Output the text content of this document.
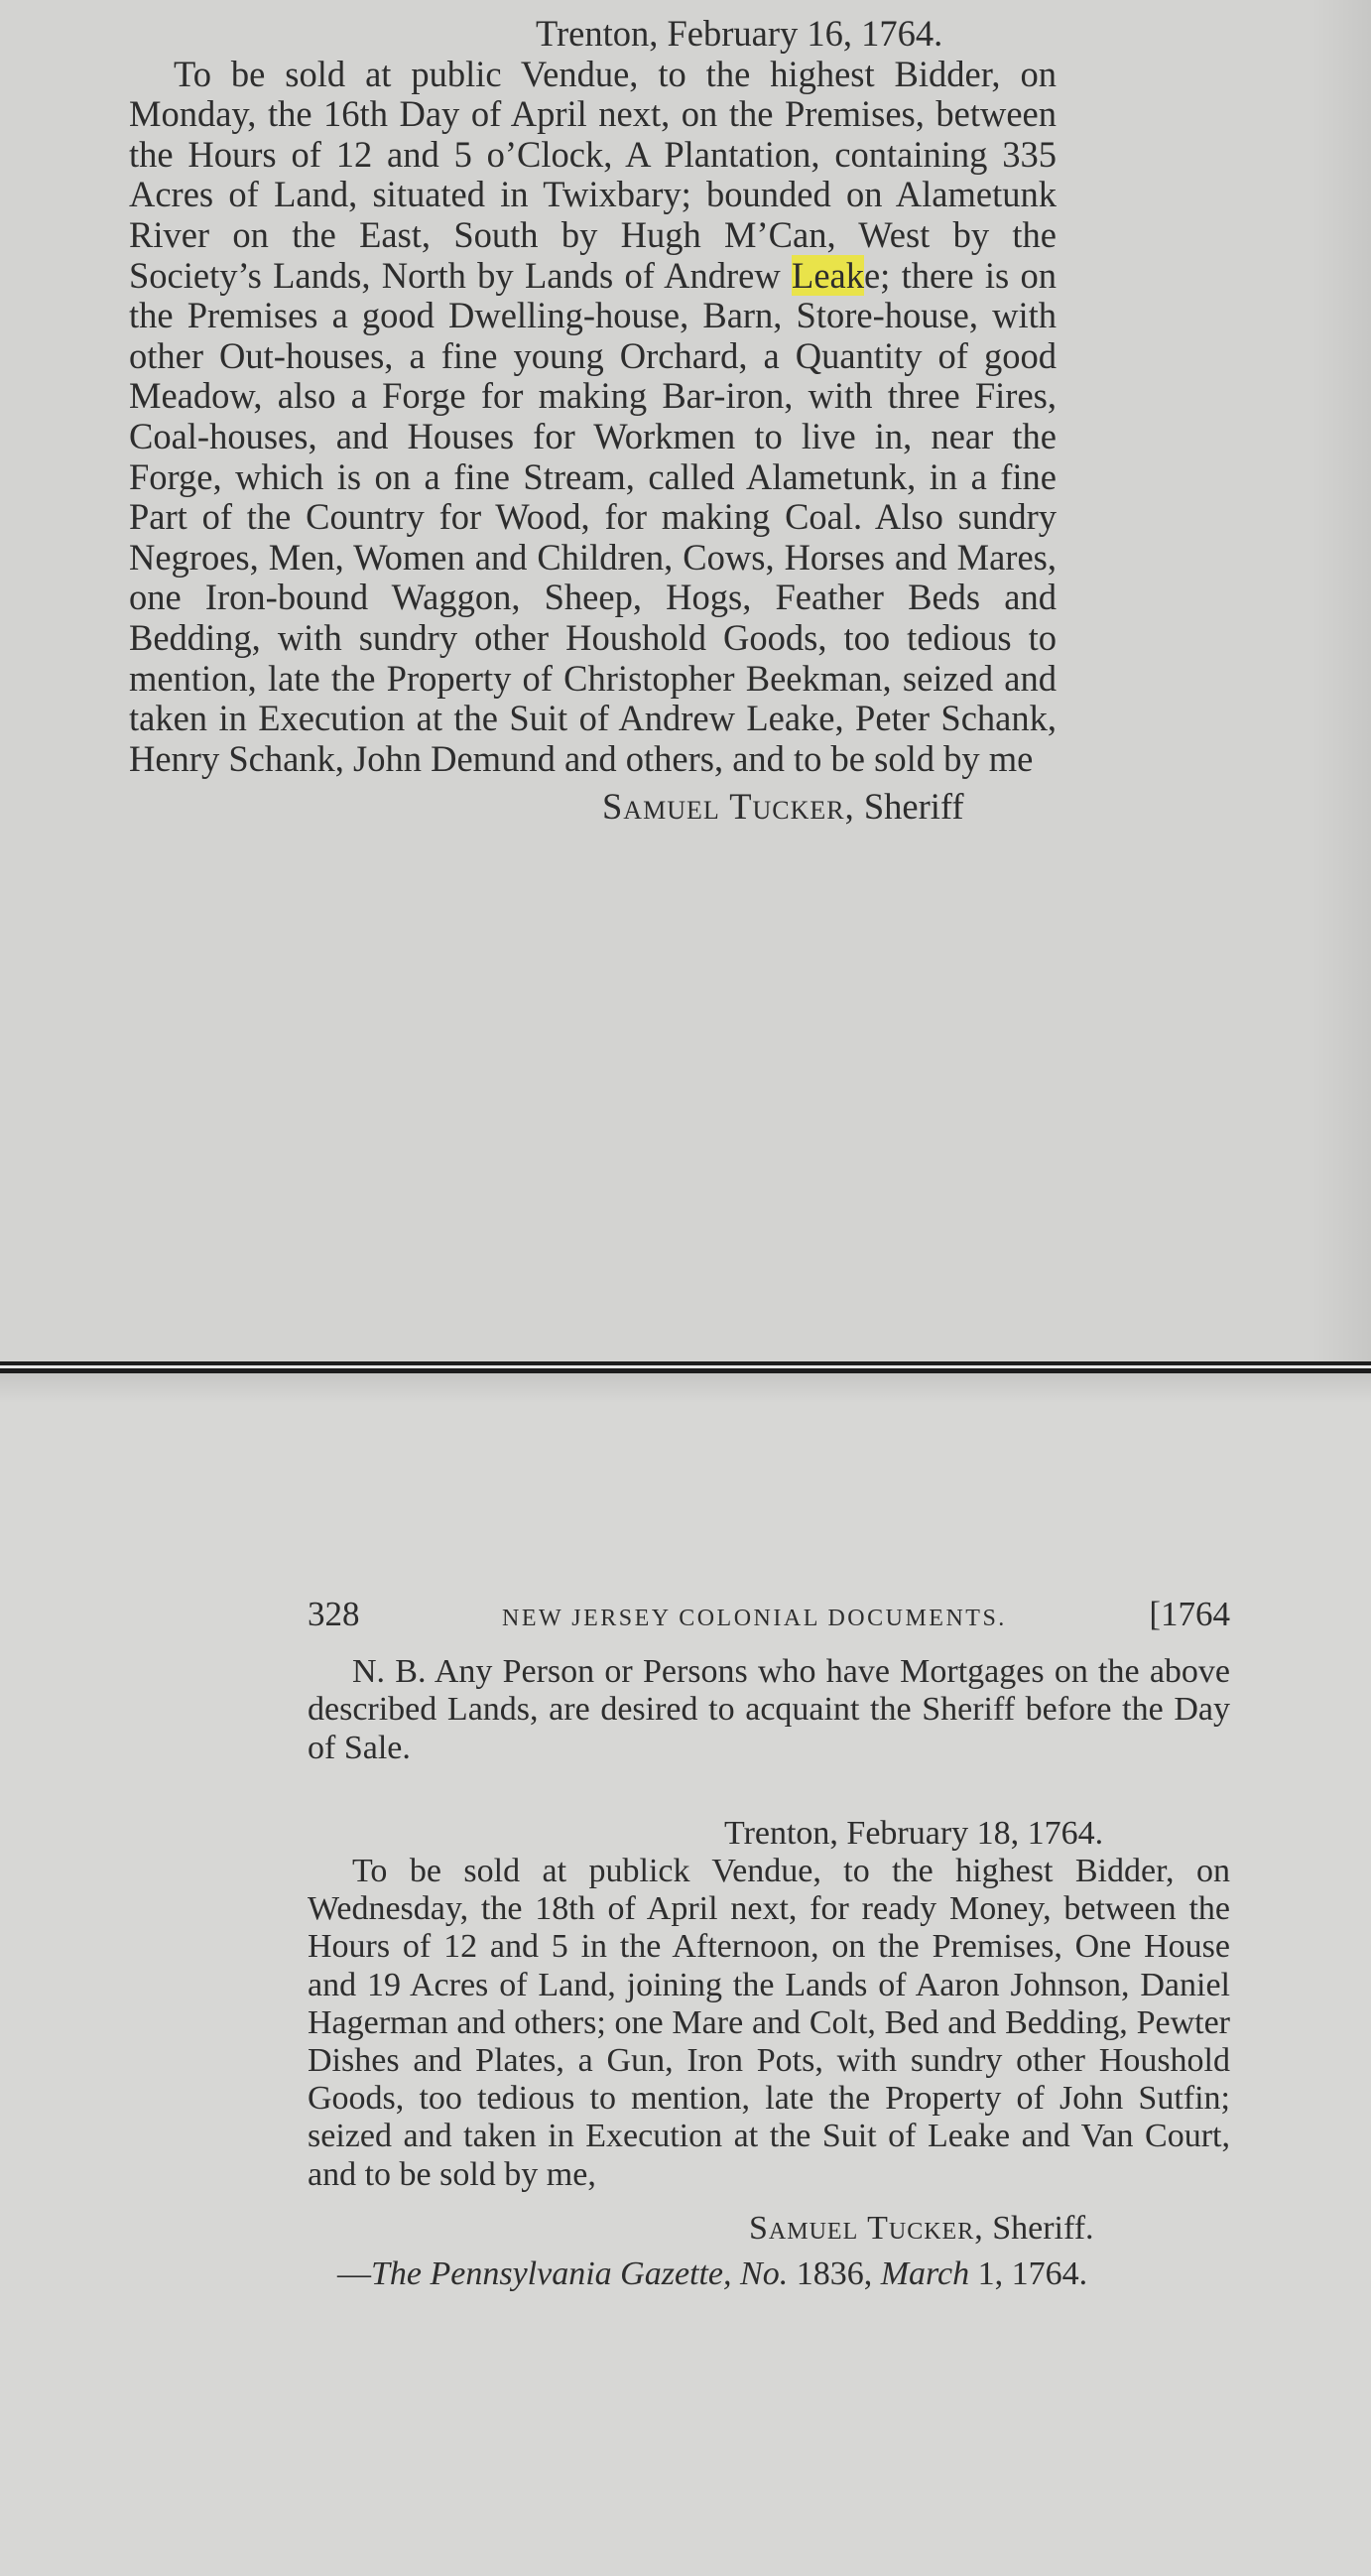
Trenton, February 16, 1764.

To be sold at public Vendue, to the highest Bidder, on Monday, the 16th Day of April next, on the Premises, between the Hours of 12 and 5 o’Clock, A Plantation, containing 335 Acres of Land, situated in Twixbary; bounded on Alametunk River on the East, South by Hugh M’Can, West by the Society’s Lands, North by Lands of Andrew Leake; there is on the Premises a good Dwelling-house, Barn, Store-house, with other Out-houses, a fine young Orchard, a Quantity of good Meadow, also a Forge for making Bar-iron, with three Fires, Coal-houses, and Houses for Workmen to live in, near the Forge, which is on a fine Stream, called Alametunk, in a fine Part of the Country for Wood, for making Coal. Also sundry Negroes, Men, Women and Children, Cows, Horses and Mares, one Iron-bound Waggon, Sheep, Hogs, Feather Beds and Bedding, with sundry other Houshold Goods, too tedious to mention, late the Property of Christopher Beekman, seized and taken in Execution at the Suit of Andrew Leake, Peter Schank, Henry Schank, John Demund and others, and to be sold by me

Samuel Tucker, Sheriff

328	NEW JERSEY COLONIAL DOCUMENTS.	[1764

N. B. Any Person or Persons who have Mortgages on the above described Lands, are desired to acquaint the Sheriff before the Day of Sale.

Trenton, February 18, 1764.

To be sold at publick Vendue, to the highest Bidder, on Wednesday, the 18th of April next, for ready Money, between the Hours of 12 and 5 in the Afternoon, on the Premises, One House and 19 Acres of Land, joining the Lands of Aaron Johnson, Daniel Hagerman and others; one Mare and Colt, Bed and Bedding, Pewter Dishes and Plates, a Gun, Iron Pots, with sundry other Houshold Goods, too tedious to mention, late the Property of John Sutfin; seized and taken in Execution at the Suit of Leake and Van Court, and to be sold by me,

Samuel Tucker, Sheriff.

—The Pennsylvania Gazette, No. 1836, March 1, 1764.
